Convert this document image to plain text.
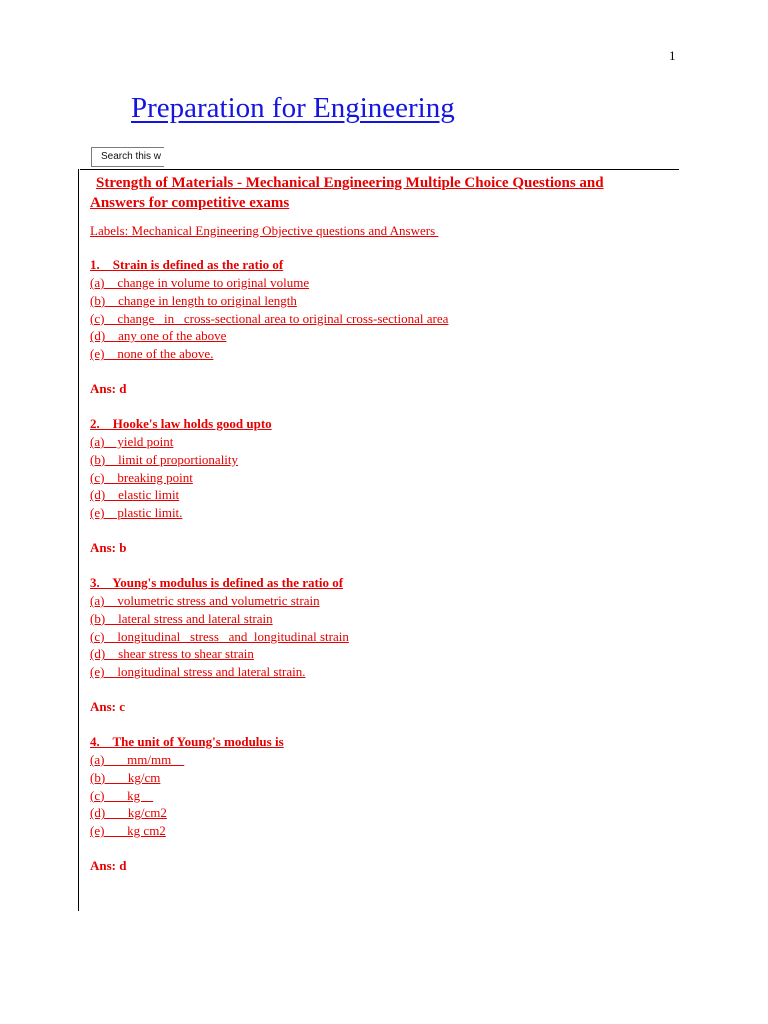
1
Preparation for Engineering
Search this w
Strength of Materials - Mechanical Engineering Multiple Choice Questions and
Answers for competitive exams
Labels: Mechanical Engineering Objective questions and Answers
1.    Strain is defined as the ratio of
(a)    change in volume to original volume
(b)    change in length to original length
(c)    change   in   cross-sectional area to original cross-sectional area
(d)    any one of the above
(e)    none of the above.
Ans: d
2.    Hooke's law holds good upto
(a)    yield point
(b)    limit of proportionality
(c)    breaking point
(d)    elastic limit
(e)    plastic limit.
Ans: b
3.    Young's modulus is defined as the ratio of
(a)    volumetric stress and volumetric strain
(b)    lateral stress and lateral strain
(c)    longitudinal   stress   and  longitudinal strain
(d)    shear stress to shear strain
(e)    longitudinal stress and lateral strain.
Ans: c
4.    The unit of Young's modulus is
(a)       mm/mm
(b)       kg/cm
(c)       kg
(d)       kg/cm2
(e)       kg cm2
Ans: d
